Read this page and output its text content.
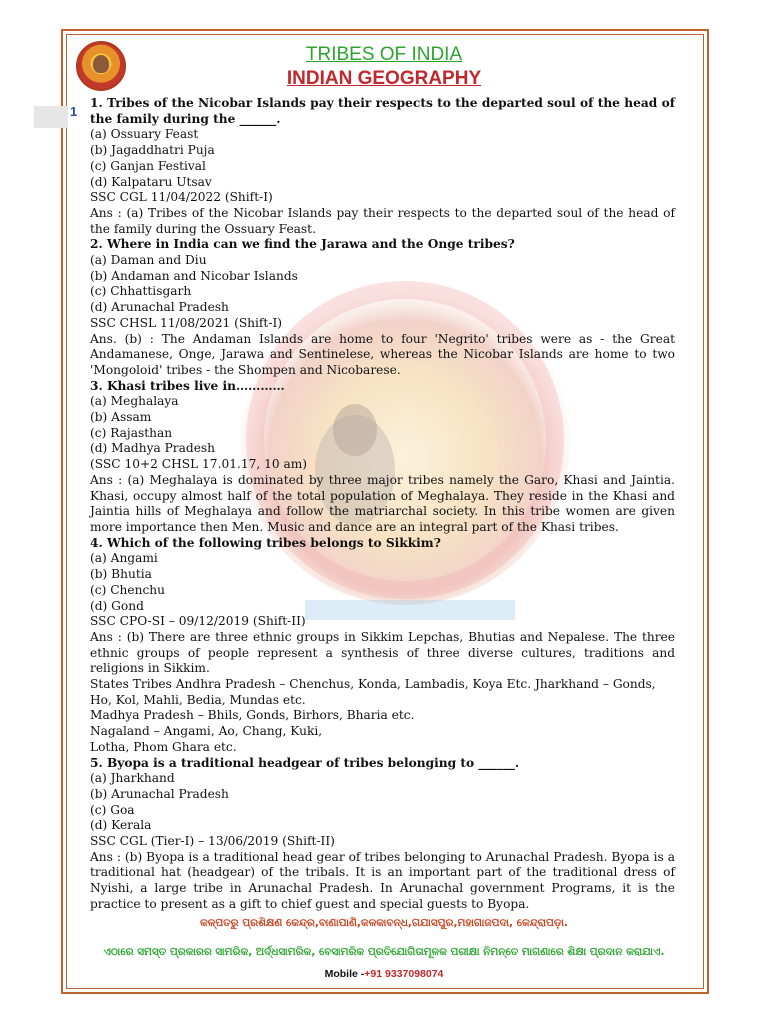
1
TRIBES OF INDIA
INDIAN GEOGRAPHY
1. Tribes of the Nicobar Islands pay their respects to the departed soul of the head of the family during the ______.
(a) Ossuary Feast
(b) Jagaddhatri Puja
(c) Ganjan Festival
(d) Kalpataru Utsav
SSC CGL 11/04/2022 (Shift-I)
Ans : (a) Tribes of the Nicobar Islands pay their respects to the departed soul of the head of the family during the Ossuary Feast.
2. Where in India can we find the Jarawa and the Onge tribes?
(a) Daman and Diu
(b) Andaman and Nicobar Islands
(c) Chhattisgarh
(d) Arunachal Pradesh
SSC CHSL 11/08/2021 (Shift-I)
Ans. (b) : The Andaman Islands are home to four 'Negrito' tribes were as - the Great Andamanese, Onge, Jarawa and Sentinelese, whereas the Nicobar Islands are home to two 'Mongoloid' tribes - the Shompen and Nicobarese.
3. Khasi tribes live in…………
(a) Meghalaya
(b) Assam
(c) Rajasthan
(d) Madhya Pradesh
(SSC 10+2 CHSL 17.01.17, 10 am)
Ans : (a) Meghalaya is dominated by three major tribes namely the Garo, Khasi and Jaintia. Khasi, occupy almost half of the total population of Meghalaya. They reside in the Khasi and Jaintia hills of Meghalaya and follow the matriarchal society. In this tribe women are given more importance then Men. Music and dance are an integral part of the Khasi tribes.
4. Which of the following tribes belongs to Sikkim?
(a) Angami
(b) Bhutia
(c) Chenchu
(d) Gond
SSC CPO-SI – 09/12/2019 (Shift-II)
Ans : (b) There are three ethnic groups in Sikkim Lepchas, Bhutias and Nepalese. The three ethnic groups of people represent a synthesis of three diverse cultures, traditions and religions in Sikkim.
States Tribes Andhra Pradesh – Chenchus, Konda, Lambadis, Koya Etc. Jharkhand – Gonds, Ho, Kol, Mahli, Bedia, Mundas etc.
Madhya Pradesh – Bhils, Gonds, Birhors, Bharia etc.
Nagaland – Angami, Ao, Chang, Kuki,
Lotha, Phom Ghara etc.
5. Byopa is a traditional headgear of tribes belonging to ______.
(a) Jharkhand
(b) Arunachal Pradesh
(c) Goa
(d) Kerala
SSC CGL (Tier-I) – 13/06/2019 (Shift-II)
Ans : (b) Byopa is a traditional head gear of tribes belonging to Arunachal Pradesh. Byopa is a traditional hat (headgear) of the tribals. It is an important part of the traditional dress of Nyishi, a large tribe in Arunachal Pradesh. In Arunachal government Programs, it is the practice to present as a gift to chief guest and special guests to Byopa.
କଳ୍ପତରୁ ପ୍ରଶିକ୍ଷଣ କେନ୍ଦ୍ର,ବାଣାପାଣି,କଳକାବନ୍ଧ,ଗଯାସପୁର,ମହାଗାଜପଦା, କେନ୍ଦ୍ରାପଡ଼ା.
ଏଠାରେ ସମସ୍ତ ପ୍ରକାରର ସାମରିକ, ଅର୍ଦ୍ଧସାମରିକ, ବେସାମରିକ ପ୍ରତିଯୋଗିତାମୂଳକ ପରୀକ୍ଷା ନିମନ୍ତେ ମାଗଣାରେ ଶିକ୍ଷା ପ୍ରଦାନ କରାଯାଏ.
Mobile -+91 9337098074
